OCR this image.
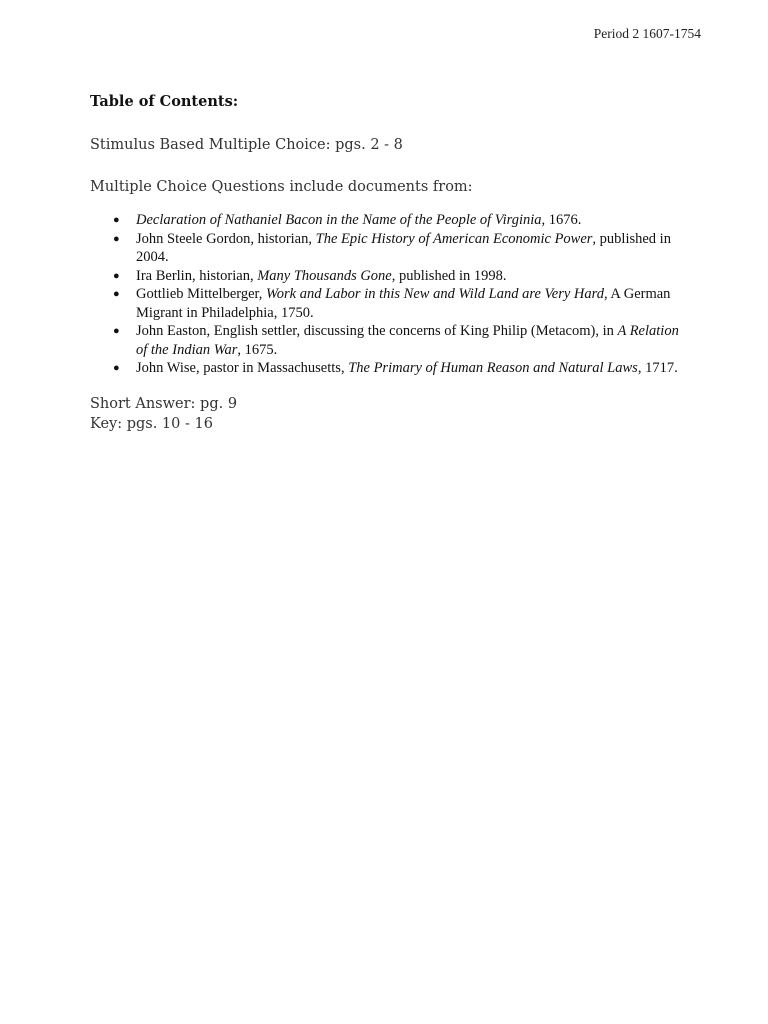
Period 2 1607-1754

Table of Contents:

Stimulus Based Multiple Choice: pgs. 2 - 8

Multiple Choice Questions include documents from:

● Declaration of Nathaniel Bacon in the Name of the People of Virginia, 1676.
● John Steele Gordon, historian, The Epic History of American Economic Power, published in 2004.
● Ira Berlin, historian, Many Thousands Gone, published in 1998.
● Gottlieb Mittelberger, Work and Labor in this New and Wild Land are Very Hard, A German Migrant in Philadelphia, 1750.
● John Easton, English settler, discussing the concerns of King Philip (Metacom), in A Relation of the Indian War, 1675.
● John Wise, pastor in Massachusetts, The Primary of Human Reason and Natural Laws, 1717.

Short Answer: pg. 9

Key: pgs. 10 - 16
